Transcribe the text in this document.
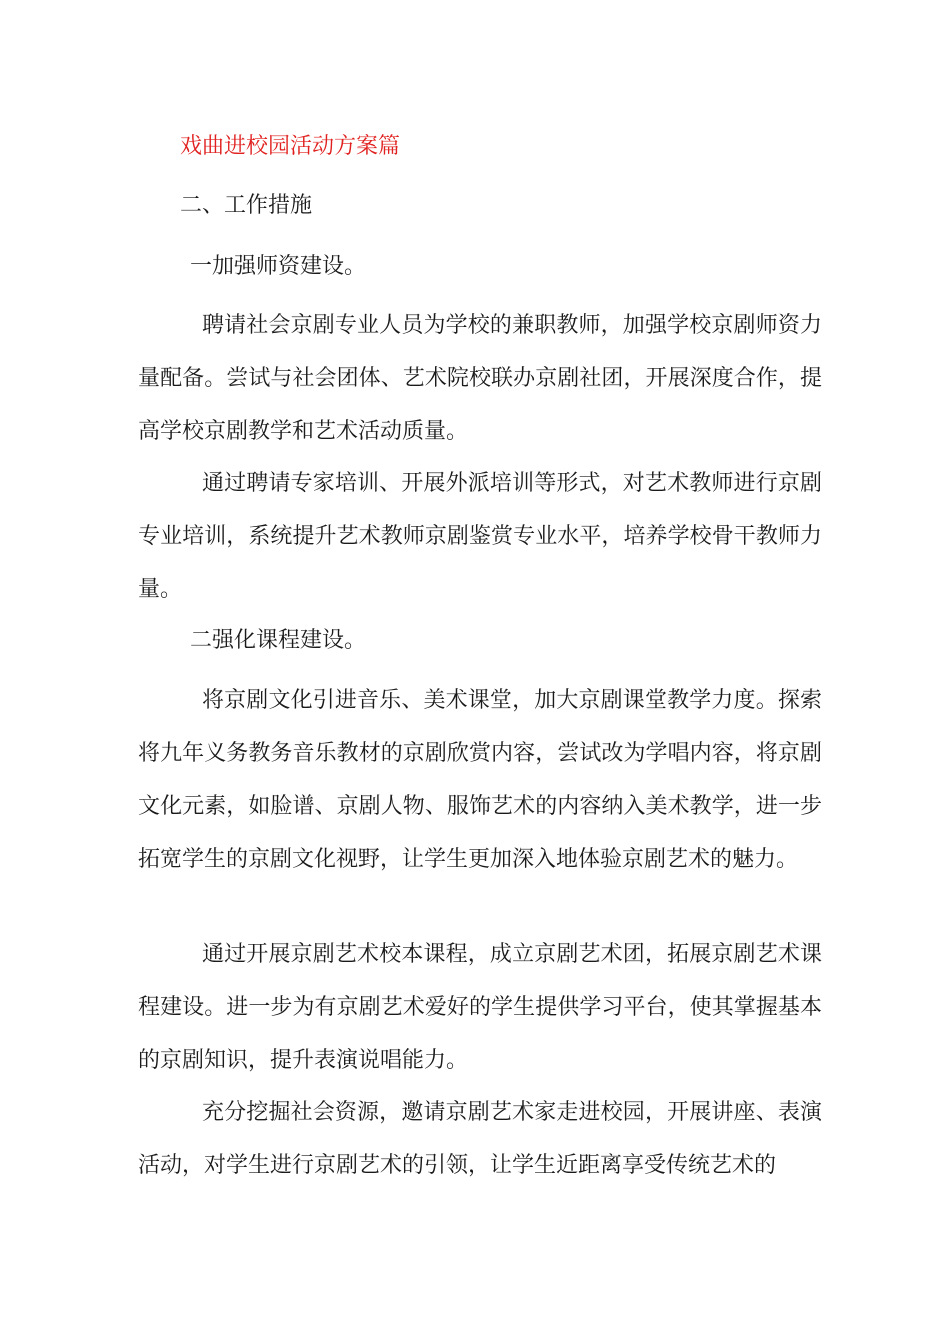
戏曲进校园活动方案篇
二、工作措施
一加强师资建设。

聘请社会京剧专业人员为学校的兼职教师，加强学校京剧师资力量配备。尝试与社会团体、艺术院校联办京剧社团，开展深度合作，提高学校京剧教学和艺术活动质量。

通过聘请专家培训、开展外派培训等形式，对艺术教师进行京剧专业培训，系统提升艺术教师京剧鉴赏专业水平，培养学校骨干教师力量。

二强化课程建设。

将京剧文化引进音乐、美术课堂，加大京剧课堂教学力度。探索将九年义务教务音乐教材的京剧欣赏内容，尝试改为学唱内容，将京剧文化元素，如脸谱、京剧人物、服饰艺术的内容纳入美术教学，进一步拓宽学生的京剧文化视野，让学生更加深入地体验京剧艺术的魅力。

通过开展京剧艺术校本课程，成立京剧艺术团，拓展京剧艺术课程建设。进一步为有京剧艺术爱好的学生提供学习平台，使其掌握基本的京剧知识，提升表演说唱能力。

充分挖掘社会资源，邀请京剧艺术家走进校园，开展讲座、表演活动，对学生进行京剧艺术的引领，让学生近距离享受传统艺术的
